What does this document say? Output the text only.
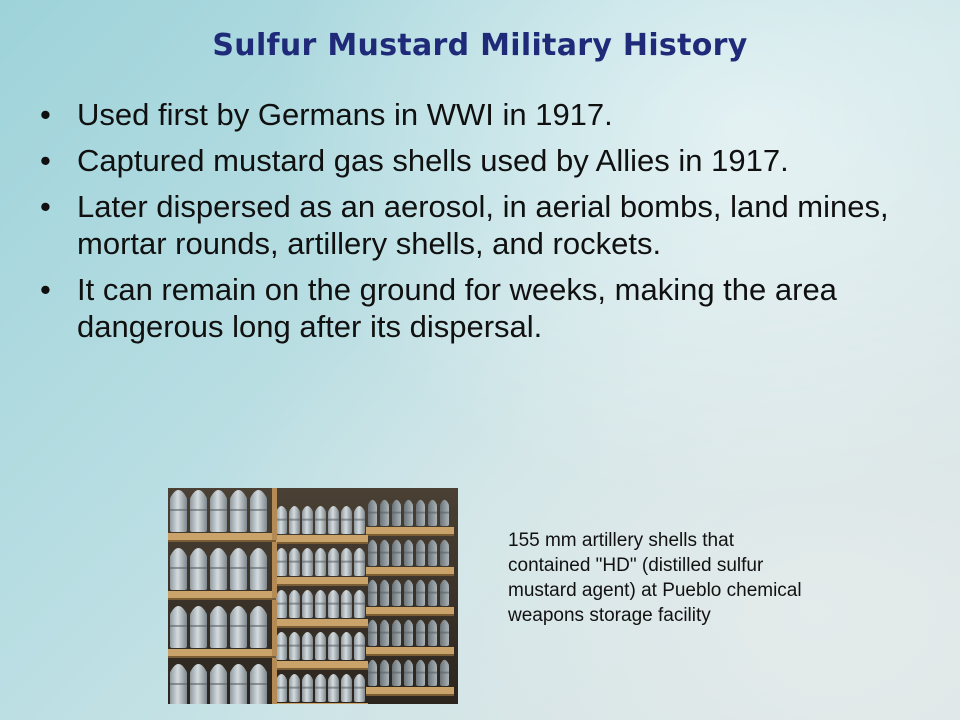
Sulfur Mustard Military History
• Used first by Germans in WWI in 1917.
• Captured mustard gas shells used by Allies in 1917.
• Later dispersed as an aerosol, in aerial bombs, land mines, mortar rounds, artillery shells, and rockets.
• It can remain on the ground for weeks, making the area dangerous long after its dispersal.
155 mm artillery shells that contained "HD" (distilled sulfur mustard agent) at Pueblo chemical weapons storage facility
